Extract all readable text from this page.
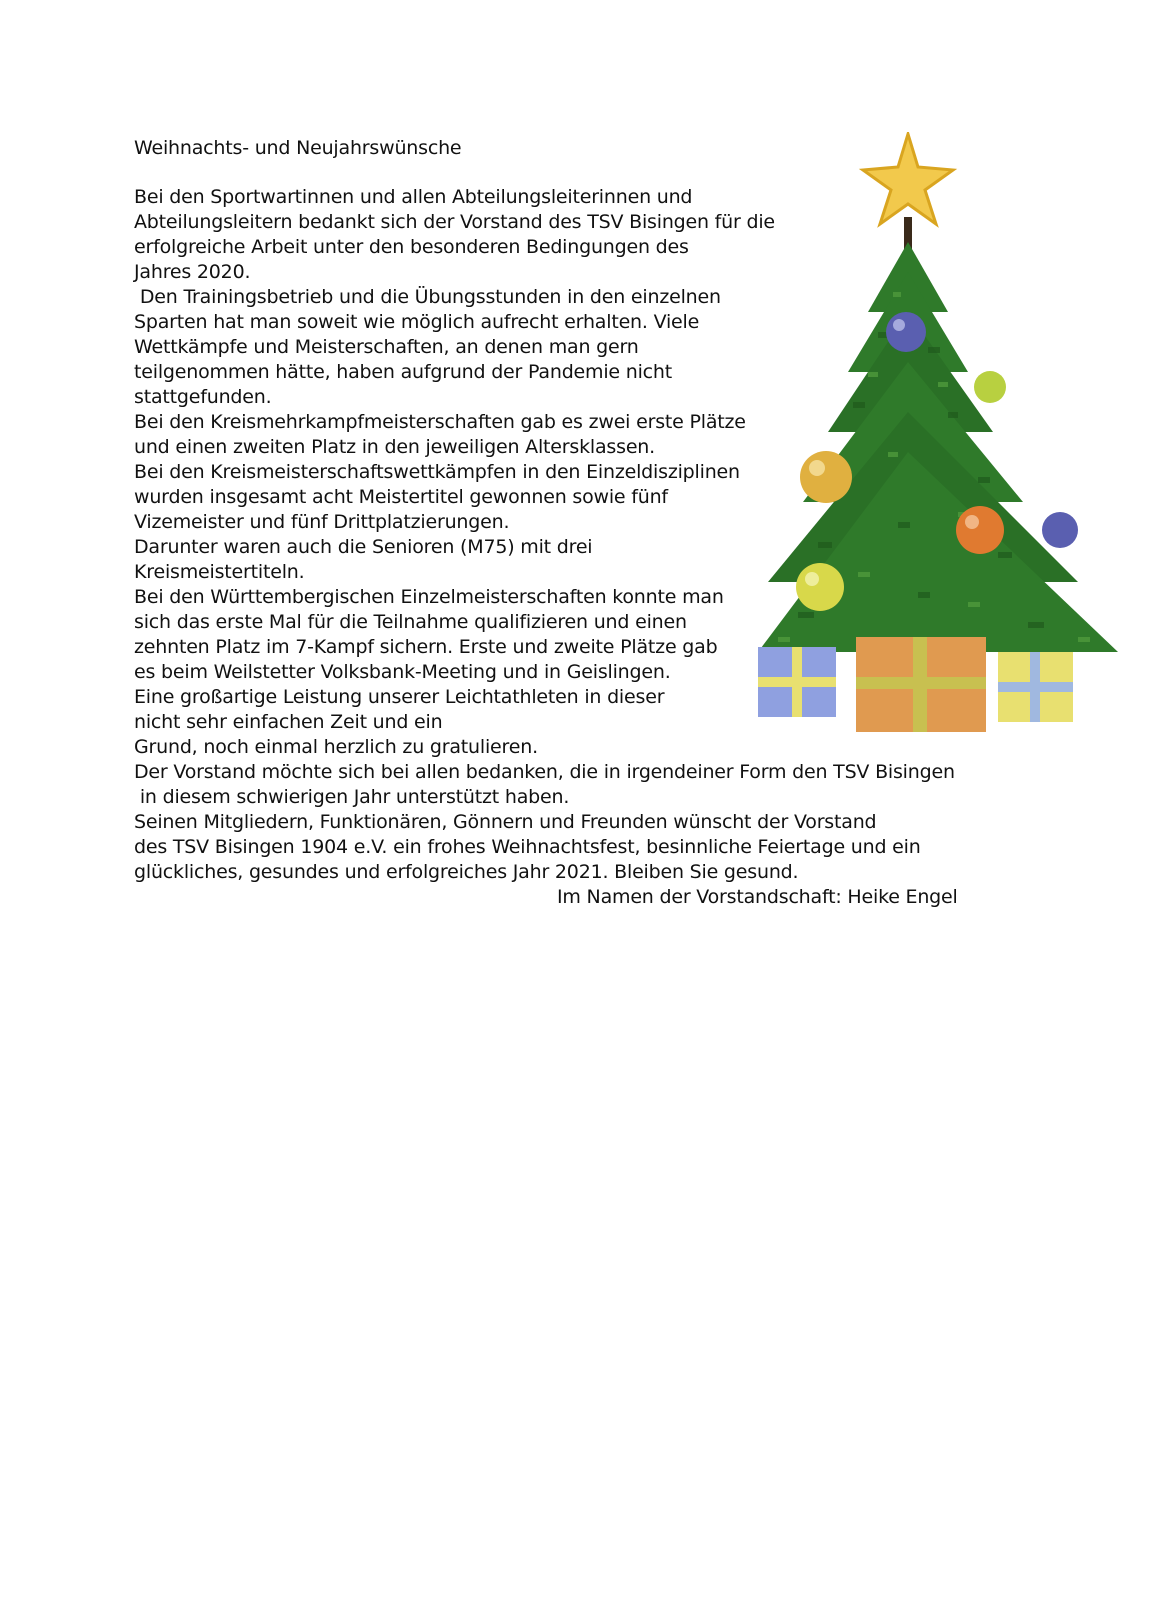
Weihnachts- und Neujahrswünsche
Bei den Sportwartinnen und allen Abteilungsleiterinnen und
Abteilungsleitern bedankt sich der Vorstand des TSV Bisingen für die
erfolgreiche Arbeit unter den besonderen Bedingungen des
Jahres 2020.
Den Trainingsbetrieb und die Übungsstunden in den einzelnen
Sparten hat man soweit wie möglich aufrecht erhalten. Viele
Wettkämpfe und Meisterschaften, an denen man gern
teilgenommen hätte, haben aufgrund der Pandemie nicht
stattgefunden.
Bei den Kreismehrkampfmeisterschaften gab es zwei erste Plätze
und einen zweiten Platz in den jeweiligen Altersklassen.
Bei den Kreismeisterschaftswettkämpfen in den Einzeldisziplinen
wurden insgesamt acht Meistertitel gewonnen sowie fünf
Vizemeister und fünf Drittplatzierungen.
Darunter waren auch die Senioren (M75) mit drei
Kreismeistertiteln.
Bei den Württembergischen Einzelmeisterschaften konnte man
sich das erste Mal für die Teilnahme qualifizieren und einen
zehnten Platz im 7-Kampf sichern. Erste und zweite Plätze gab
es beim Weilstetter Volksbank-Meeting und in Geislingen.
Eine großartige Leistung unserer Leichtathleten in dieser
nicht sehr einfachen Zeit und ein
Grund, noch einmal herzlich zu gratulieren.
Der Vorstand möchte sich bei allen bedanken, die in irgendeiner Form den TSV Bisingen
in diesem schwierigen Jahr unterstützt haben.
Seinen Mitgliedern, Funktionären, Gönnern und Freunden wünscht der Vorstand
des TSV Bisingen 1904 e.V. ein frohes Weihnachtsfest, besinnliche Feiertage und ein
glückliches, gesundes und erfolgreiches Jahr 2021. Bleiben Sie gesund.
Im Namen der Vorstandschaft: Heike Engel
